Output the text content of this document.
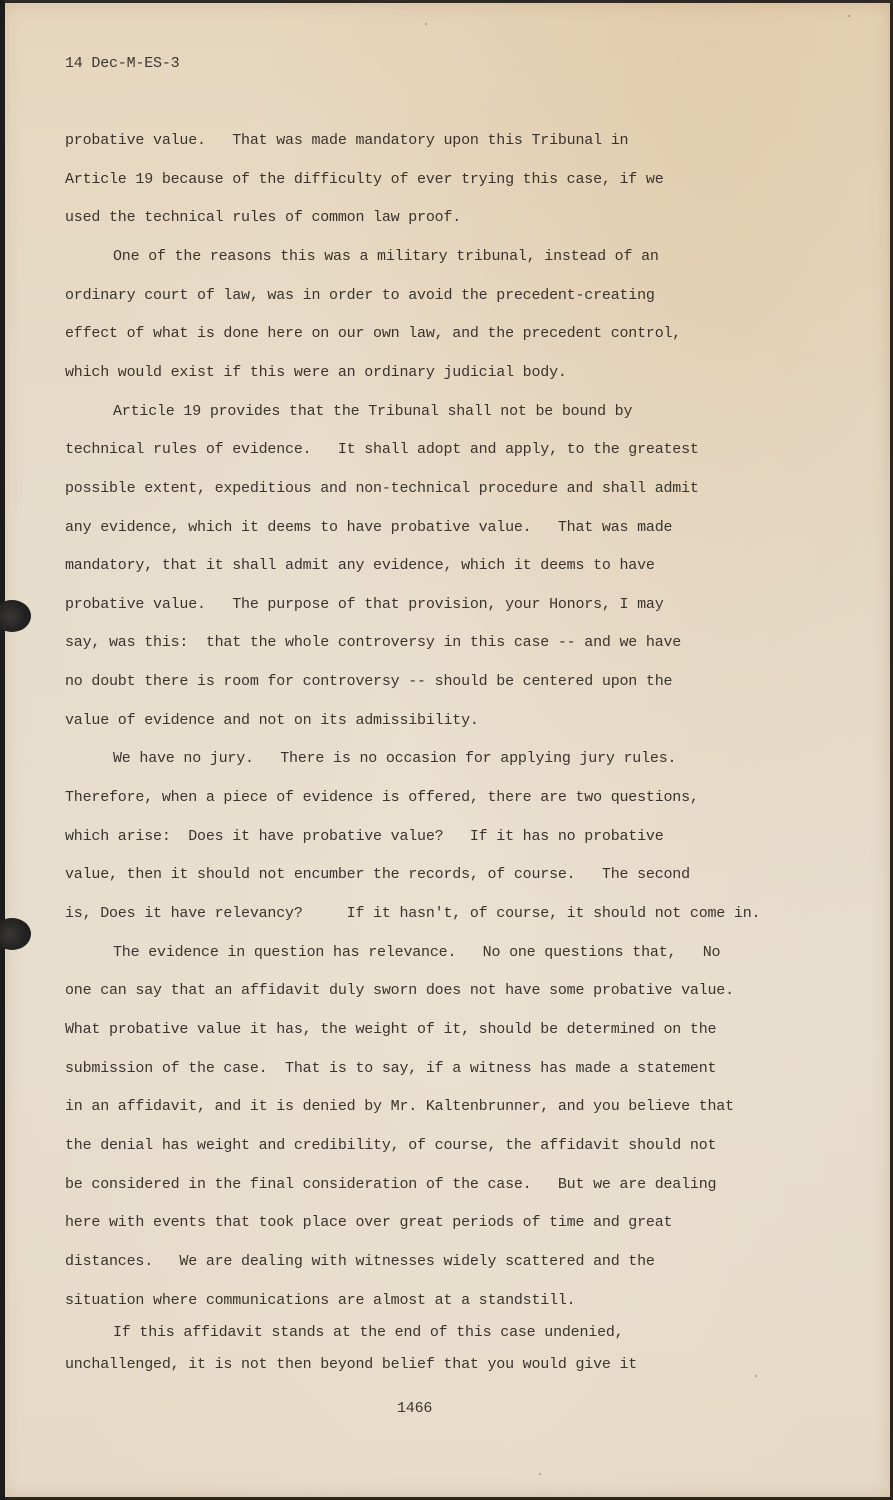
14 Dec-M-ES-3
probative value.   That was made mandatory upon this Tribunal in
Article 19 because of the difficulty of ever trying this case, if we
used the technical rules of common law proof.
One of the reasons this was a military tribunal, instead of an
ordinary court of law, was in order to avoid the precedent-creating
effect of what is done here on our own law, and the precedent control,
which would exist if this were an ordinary judicial body.
Article 19 provides that the Tribunal shall not be bound by
technical rules of evidence.   It shall adopt and apply, to the greatest
possible extent, expeditious and non-technical procedure and shall admit
any evidence, which it deems to have probative value.   That was made
mandatory, that it shall admit any evidence, which it deems to have
probative value.   The purpose of that provision, your Honors, I may
say, was this:  that the whole controversy in this case -- and we have
no doubt there is room for controversy -- should be centered upon the
value of evidence and not on its admissibility.
We have no jury.   There is no occasion for applying jury rules.
Therefore, when a piece of evidence is offered, there are two questions,
which arise:  Does it have probative value?   If it has no probative
value, then it should not encumber the records, of course.   The second
is, Does it have relevancy?     If it hasn't, of course, it should not come in.
The evidence in question has relevance.   No one questions that,   No
one can say that an affidavit duly sworn does not have some probative value.
What probative value it has, the weight of it, should be determined on the
submission of the case.  That is to say, if a witness has made a statement
in an affidavit, and it is denied by Mr. Kaltenbrunner, and you believe that
the denial has weight and credibility, of course, the affidavit should not
be considered in the final consideration of the case.   But we are dealing
here with events that took place over great periods of time and great
distances.   We are dealing with witnesses widely scattered and the
situation where communications are almost at a standstill.
If this affidavit stands at the end of this case undenied,
unchallenged, it is not then beyond belief that you would give it
1466
